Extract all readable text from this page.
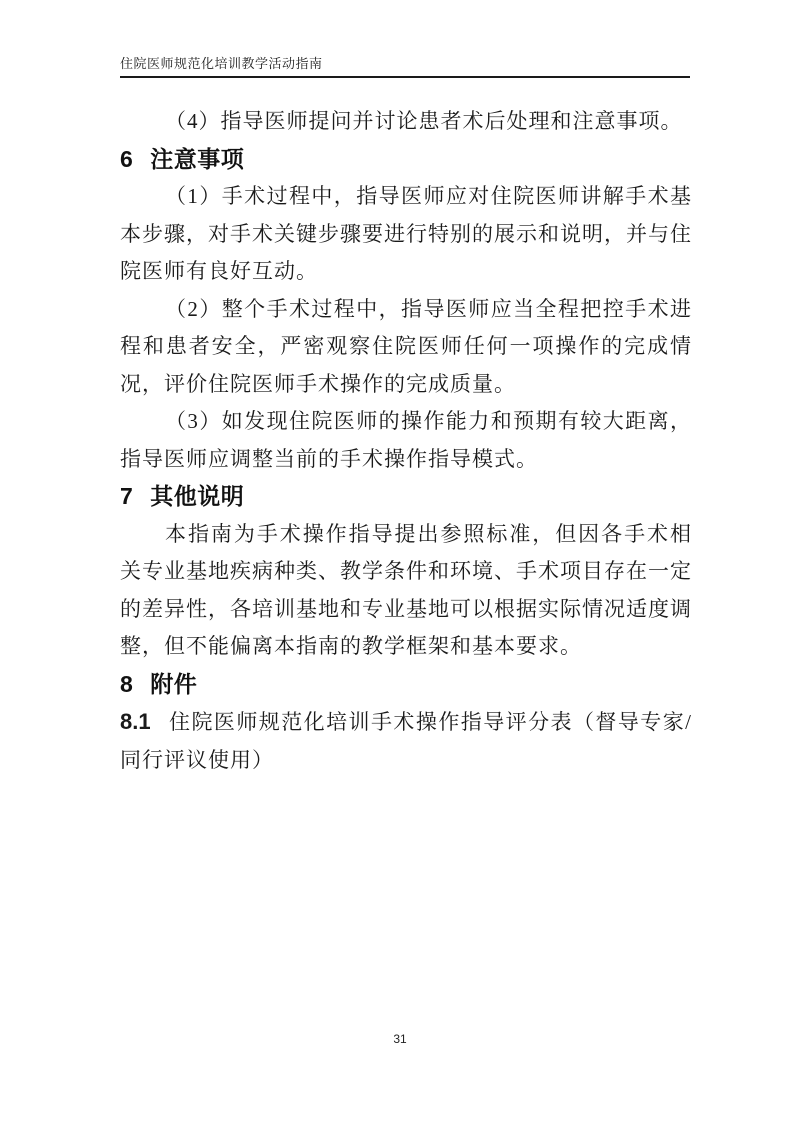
住院医师规范化培训教学活动指南

（4）指导医师提问并讨论患者术后处理和注意事项。

6 注意事项

（1）手术过程中，指导医师应对住院医师讲解手术基本步骤，对手术关键步骤要进行特别的展示和说明，并与住院医师有良好互动。

（2）整个手术过程中，指导医师应当全程把控手术进程和患者安全，严密观察住院医师任何一项操作的完成情况，评价住院医师手术操作的完成质量。

（3）如发现住院医师的操作能力和预期有较大距离，指导医师应调整当前的手术操作指导模式。

7 其他说明

本指南为手术操作指导提出参照标准，但因各手术相关专业基地疾病种类、教学条件和环境、手术项目存在一定的差异性，各培训基地和专业基地可以根据实际情况适度调整，但不能偏离本指南的教学框架和基本要求。

8 附件

8.1 住院医师规范化培训手术操作指导评分表（督导专家/同行评议使用）

31
